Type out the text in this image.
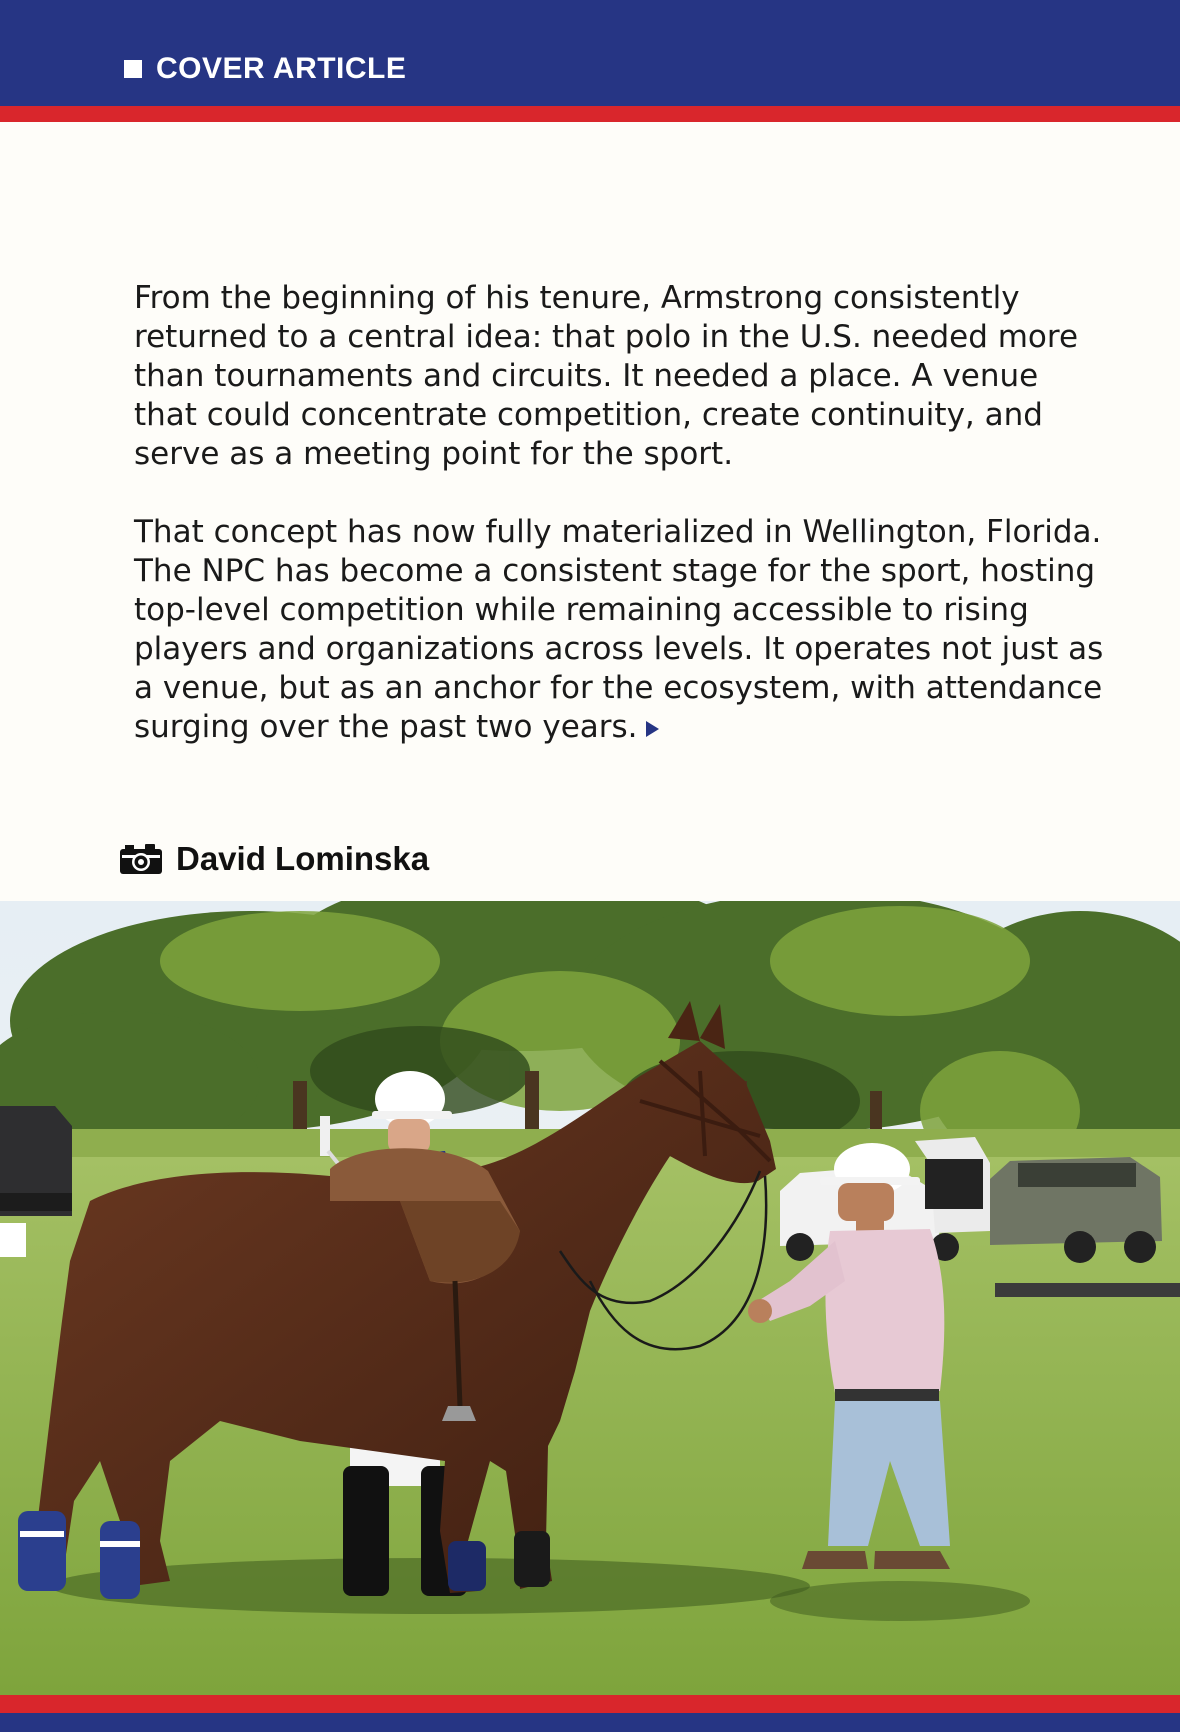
COVER ARTICLE

From the beginning of his tenure, Armstrong consistently returned to a central idea: that polo in the U.S. needed more than tournaments and circuits. It needed a place. A venue that could concentrate competition, create continuity, and serve as a meeting point for the sport.

That concept has now fully materialized in Wellington, Florida. The NPC has become a consistent stage for the sport, hosting top-level competition while remaining accessible to rising players and organizations across levels. It operates not just as a venue, but as an anchor for the ecosystem, with attendance surging over the past two years.

David Lominska
